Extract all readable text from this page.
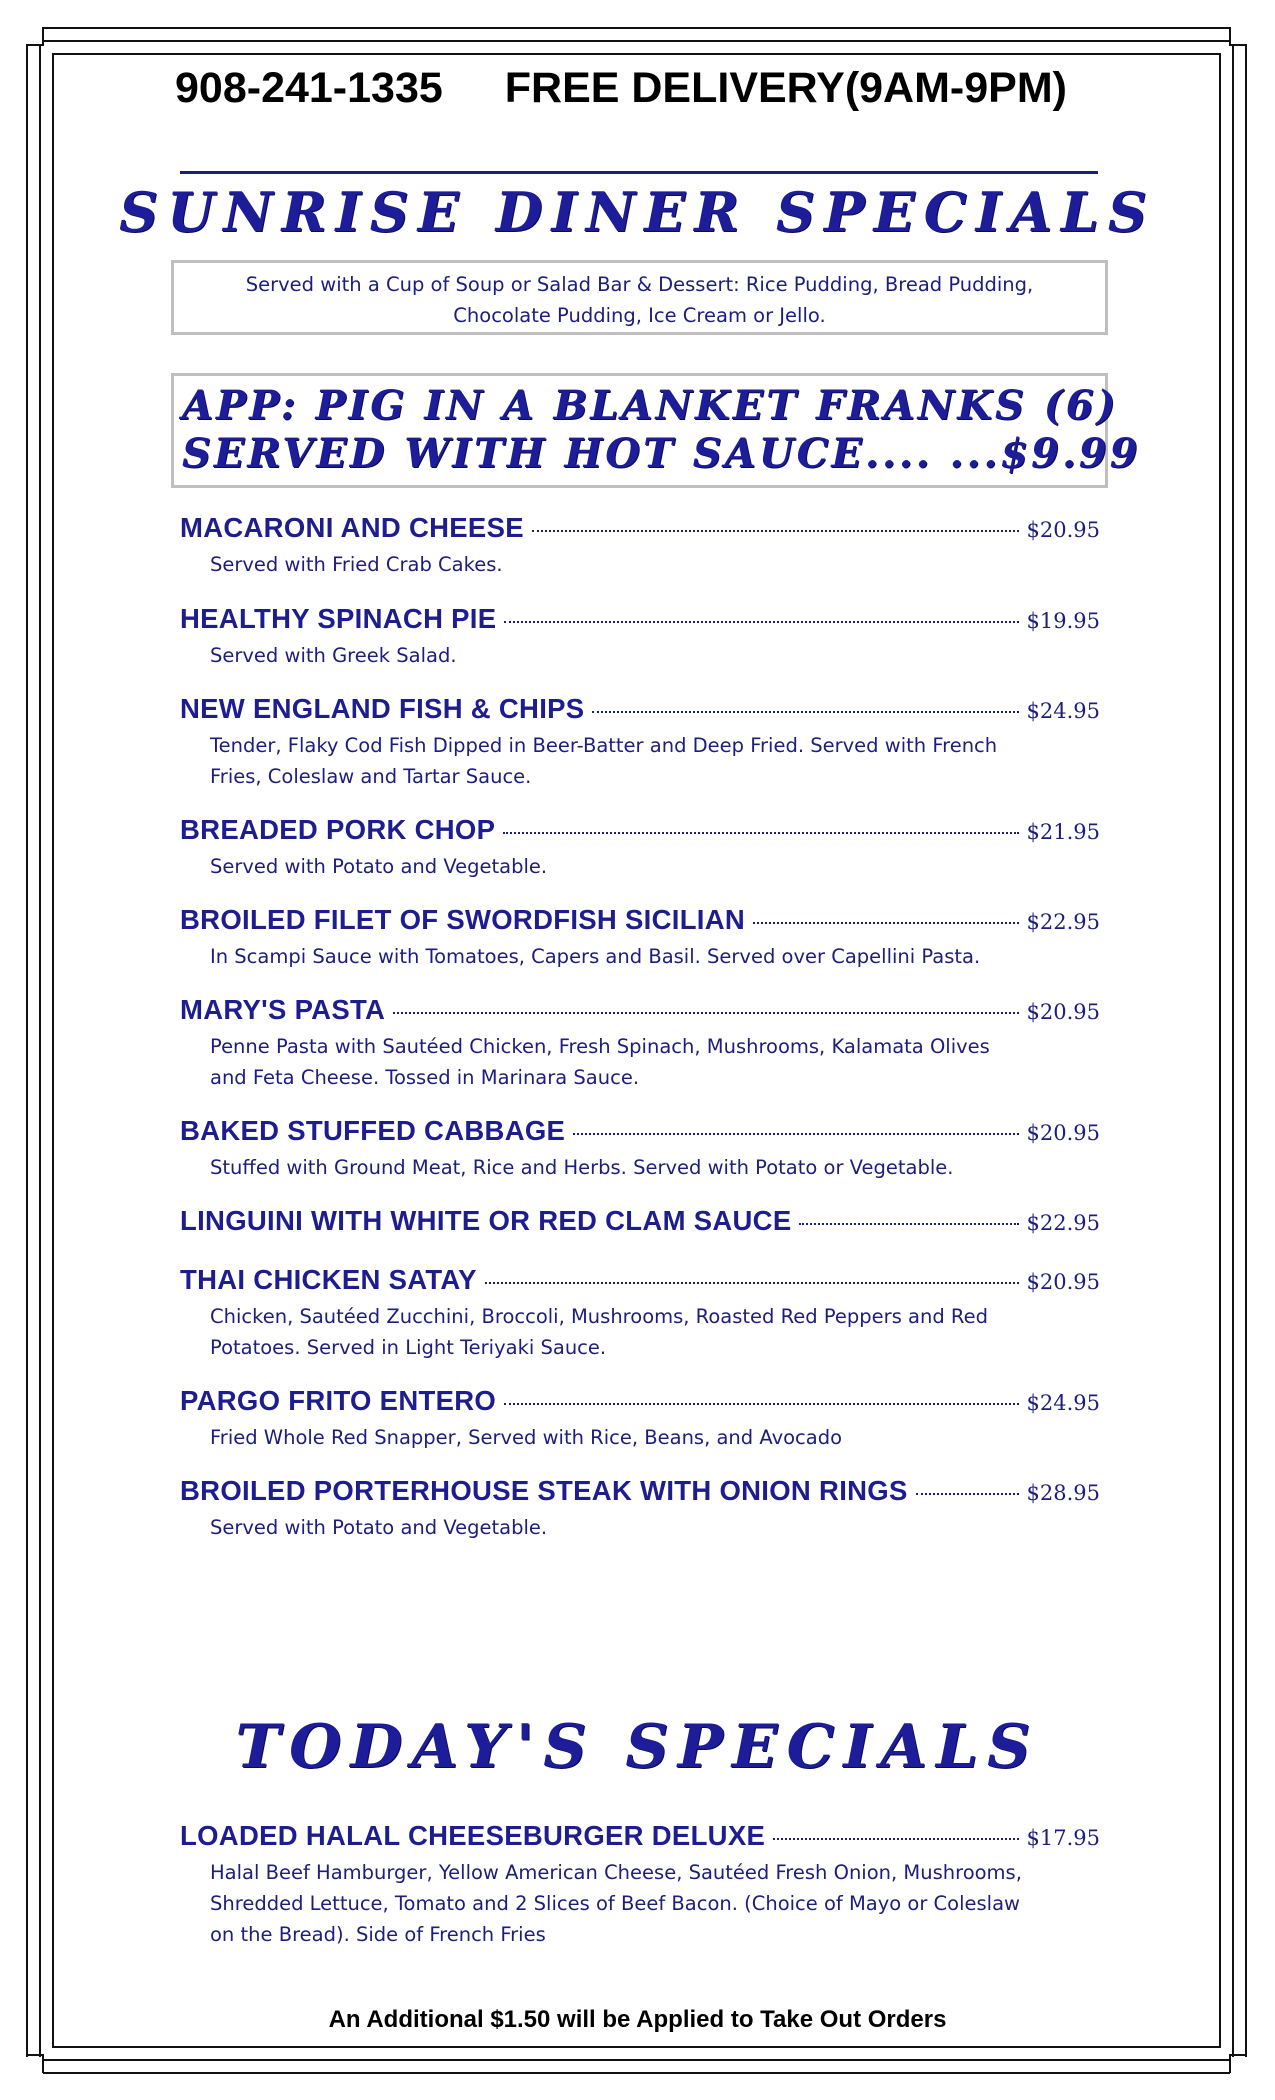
908-241-1335 FREE DELIVERY(9AM-9PM)
SUNRISE DINER SPECIALS
Served with a Cup of Soup or Salad Bar & Dessert: Rice Pudding, Bread Pudding, Chocolate Pudding, Ice Cream or Jello.
APP: PIG IN A BLANKET FRANKS (6)
SERVED WITH HOT SAUCE.... ...$9.99
MACARONI AND CHEESE	$20.95
Served with Fried Crab Cakes.
HEALTHY SPINACH PIE	$19.95
Served with Greek Salad.
NEW ENGLAND FISH & CHIPS	$24.95
Tender, Flaky Cod Fish Dipped in Beer-Batter and Deep Fried. Served with French Fries, Coleslaw and Tartar Sauce.
BREADED PORK CHOP	$21.95
Served with Potato and Vegetable.
BROILED FILET OF SWORDFISH SICILIAN	$22.95
In Scampi Sauce with Tomatoes, Capers and Basil. Served over Capellini Pasta.
MARY'S PASTA	$20.95
Penne Pasta with Sautéed Chicken, Fresh Spinach, Mushrooms, Kalamata Olives and Feta Cheese. Tossed in Marinara Sauce.
BAKED STUFFED CABBAGE	$20.95
Stuffed with Ground Meat, Rice and Herbs. Served with Potato or Vegetable.
LINGUINI WITH WHITE OR RED CLAM SAUCE	$22.95
THAI CHICKEN SATAY	$20.95
Chicken, Sautéed Zucchini, Broccoli, Mushrooms, Roasted Red Peppers and Red Potatoes. Served in Light Teriyaki Sauce.
PARGO FRITO ENTERO	$24.95
Fried Whole Red Snapper, Served with Rice, Beans, and Avocado
BROILED PORTERHOUSE STEAK WITH ONION RINGS	$28.95
Served with Potato and Vegetable.
TODAY'S SPECIALS
LOADED HALAL CHEESEBURGER DELUXE	$17.95
Halal Beef Hamburger, Yellow American Cheese, Sautéed Fresh Onion, Mushrooms, Shredded Lettuce, Tomato and 2 Slices of Beef Bacon. (Choice of Mayo or Coleslaw on the Bread). Side of French Fries
An Additional $1.50 will be Applied to Take Out Orders
